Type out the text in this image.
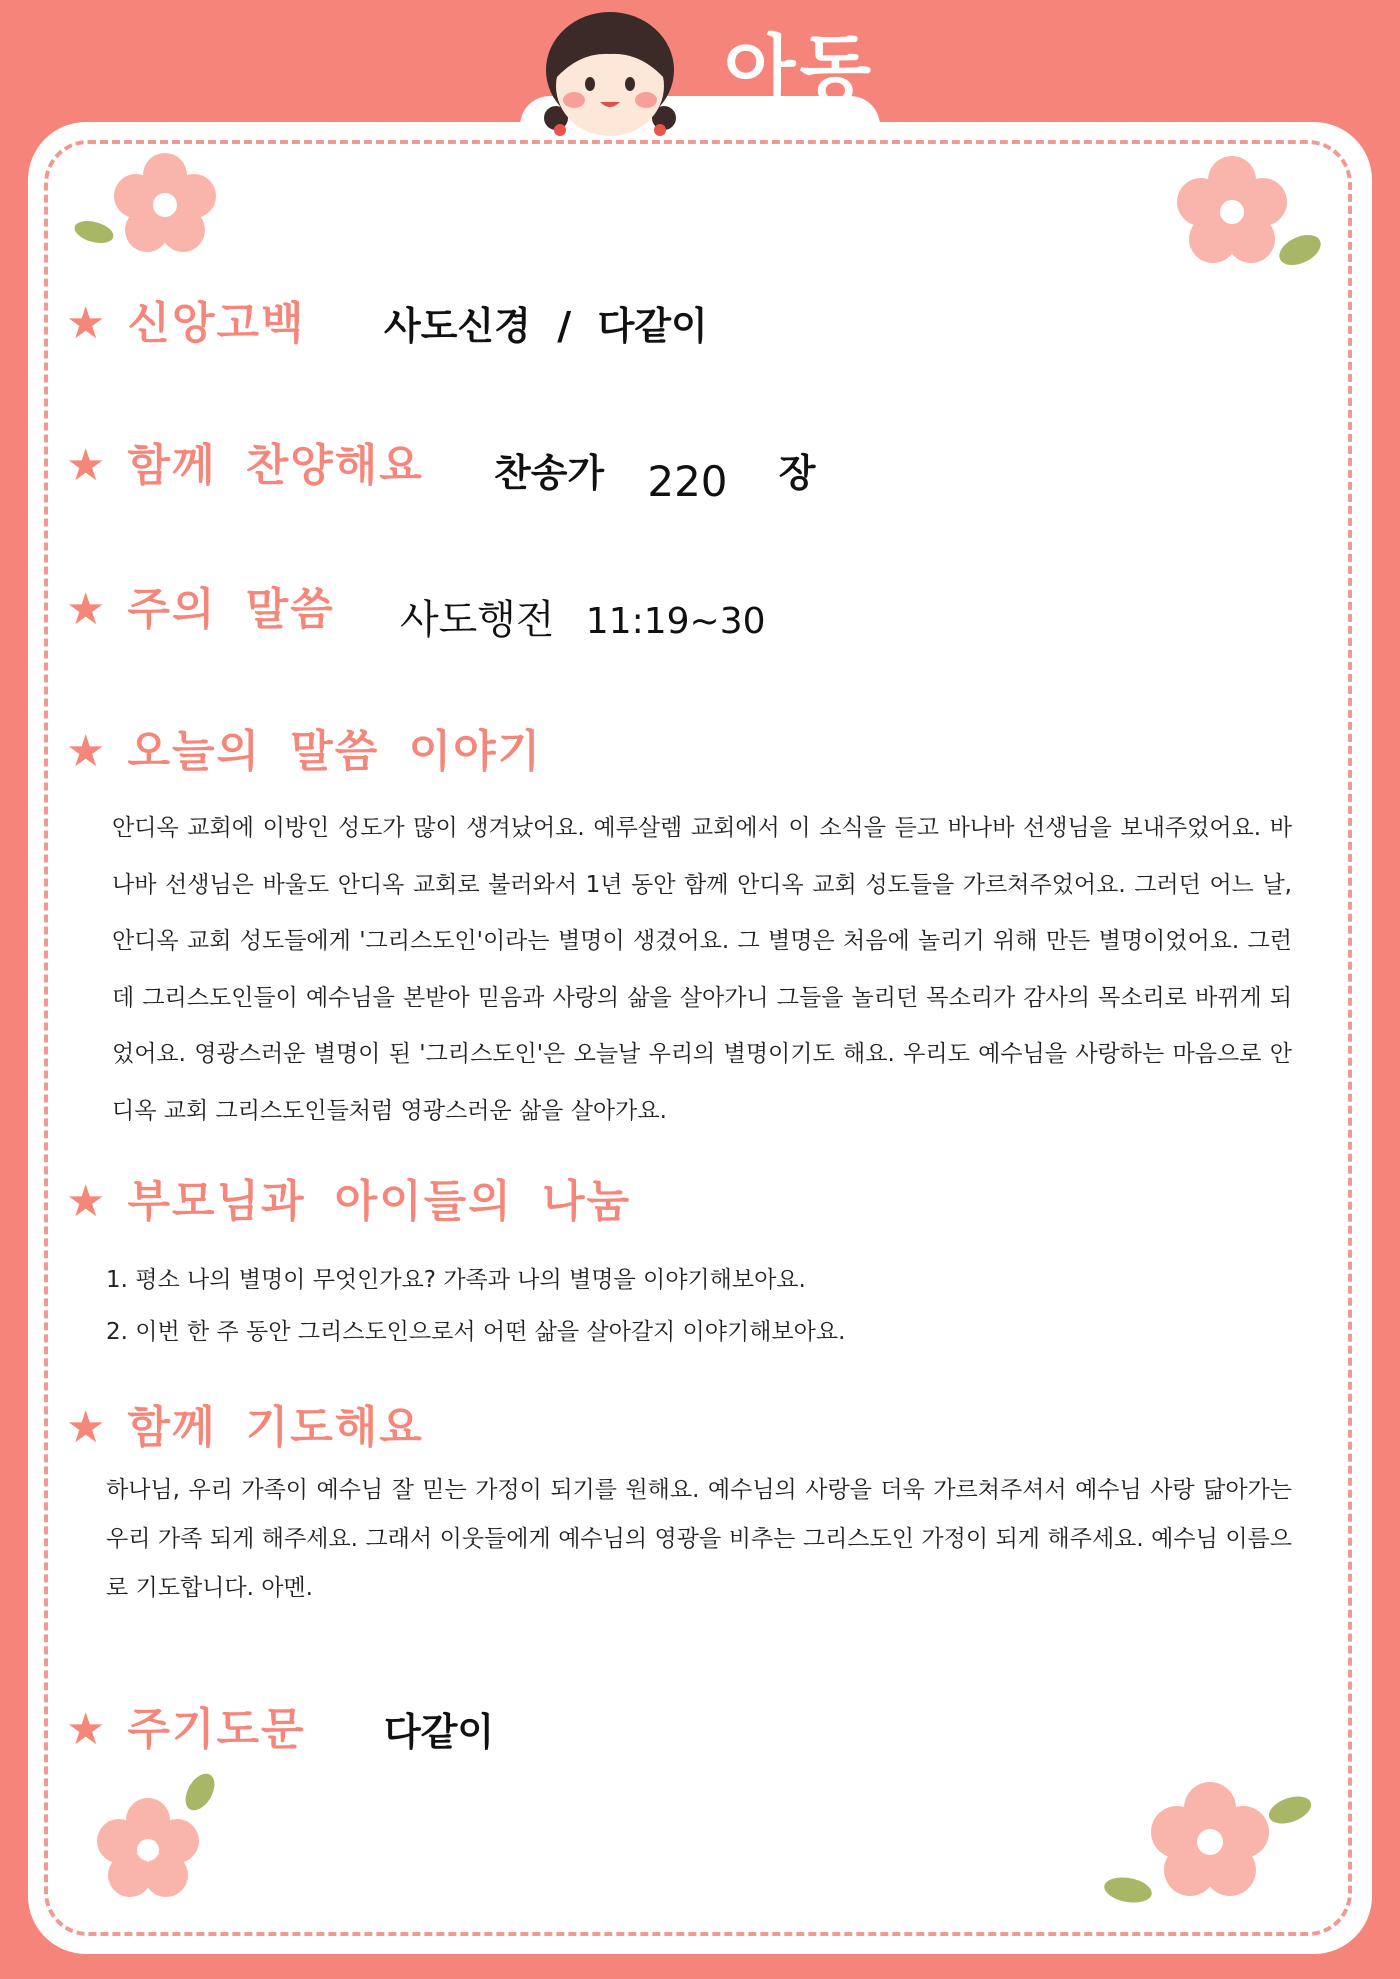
아동
★ 신앙고백 사도신경  /  다같이
★ 함께 찬양해요 찬송가 220 장
★ 주의 말씀 사도행전 11:19~30
★ 오늘의 말씀 이야기

안디옥 교회에 이방인 성도가 많이 생겨났어요. 예루살렘 교회에서 이 소식을 듣고 바나바 선생님을 보내주었어요. 바나바 선생님은 바울도 안디옥 교회로 불러와서 1년 동안 함께 안디옥 교회 성도들을 가르쳐주었어요. 그러던 어느 날, 안디옥 교회 성도들에게 '그리스도인'이라는 별명이 생겼어요. 그 별명은 처음에 놀리기 위해 만든 별명이었어요. 그런데 그리스도인들이 예수님을 본받아 믿음과 사랑의 삶을 살아가니 그들을 놀리던 목소리가 감사의 목소리로 바뀌게 되었어요. 영광스러운 별명이 된 '그리스도인'은 오늘날 우리의 별명이기도 해요. 우리도 예수님을 사랑하는 마음으로 안디옥 교회 그리스도인들처럼 영광스러운 삶을 살아가요.

★ 부모님과 아이들의 나눔
1. 평소 나의 별명이 무엇인가요? 가족과 나의 별명을 이야기해보아요.
2. 이번 한 주 동안 그리스도인으로서 어떤 삶을 살아갈지 이야기해보아요.
★ 함께 기도해요

하나님, 우리 가족이 예수님 잘 믿는 가정이 되기를 원해요. 예수님의 사랑을 더욱 가르쳐주셔서 예수님 사랑 닮아가는 우리 가족 되게 해주세요. 그래서 이웃들에게 예수님의 영광을 비추는 그리스도인 가정이 되게 해주세요. 예수님 이름으로 기도합니다. 아멘.

★ 주기도문 다같이
